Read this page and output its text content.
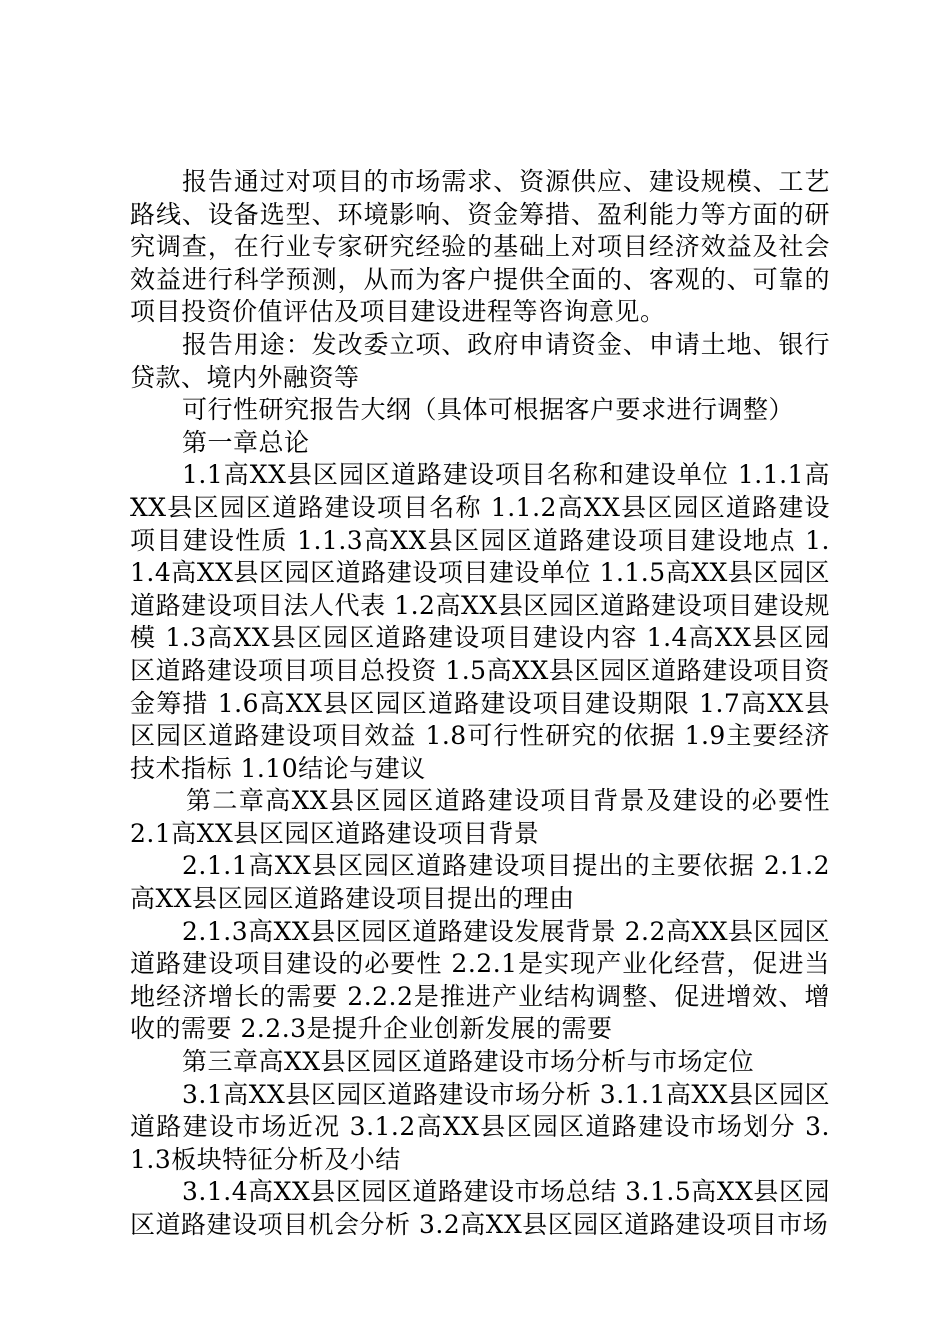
报告通过对项目的市场需求、资源供应、建设规模、工艺路线、设备选型、环境影响、资金筹措、盈利能力等方面的研究调查，在行业专家研究经验的基础上对项目经济效益及社会效益进行科学预测，从而为客户提供全面的、客观的、可靠的项目投资价值评估及项目建设进程等咨询意见。

报告用途：发改委立项、政府申请资金、申请土地、银行贷款、境内外融资等

可行性研究报告大纲（具体可根据客户要求进行调整）

第一章总论

1.1高XX县区园区道路建设项目名称和建设单位 1.1.1高XX县区园区道路建设项目名称 1.1.2高XX县区园区道路建设项目建设性质 1.1.3高XX县区园区道路建设项目建设地点 1.1.4高XX县区园区道路建设项目建设单位 1.1.5高XX县区园区道路建设项目法人代表 1.2高XX县区园区道路建设项目建设规模 1.3高XX县区园区道路建设项目建设内容 1.4高XX县区园区道路建设项目项目总投资 1.5高XX县区园区道路建设项目资金筹措 1.6高XX县区园区道路建设项目建设期限 1.7高XX县区园区道路建设项目效益 1.8可行性研究的依据 1.9主要经济技术指标 1.10结论与建议

第二章高XX县区园区道路建设项目背景及建设的必要性 2.1高XX县区园区道路建设项目背景

2.1.1高XX县区园区道路建设项目提出的主要依据 2.1.2高XX县区园区道路建设项目提出的理由

2.1.3高XX县区园区道路建设发展背景 2.2高XX县区园区道路建设项目建设的必要性 2.2.1是实现产业化经营，促进当地经济增长的需要 2.2.2是推进产业结构调整、促进增效、增收的需要 2.2.3是提升企业创新发展的需要

第三章高XX县区园区道路建设市场分析与市场定位

3.1高XX县区园区道路建设市场分析 3.1.1高XX县区园区道路建设市场近况 3.1.2高XX县区园区道路建设市场划分 3.1.3板块特征分析及小结

3.1.4高XX县区园区道路建设市场总结 3.1.5高XX县区园区道路建设项目机会分析 3.2高XX县区园区道路建设项目市场
